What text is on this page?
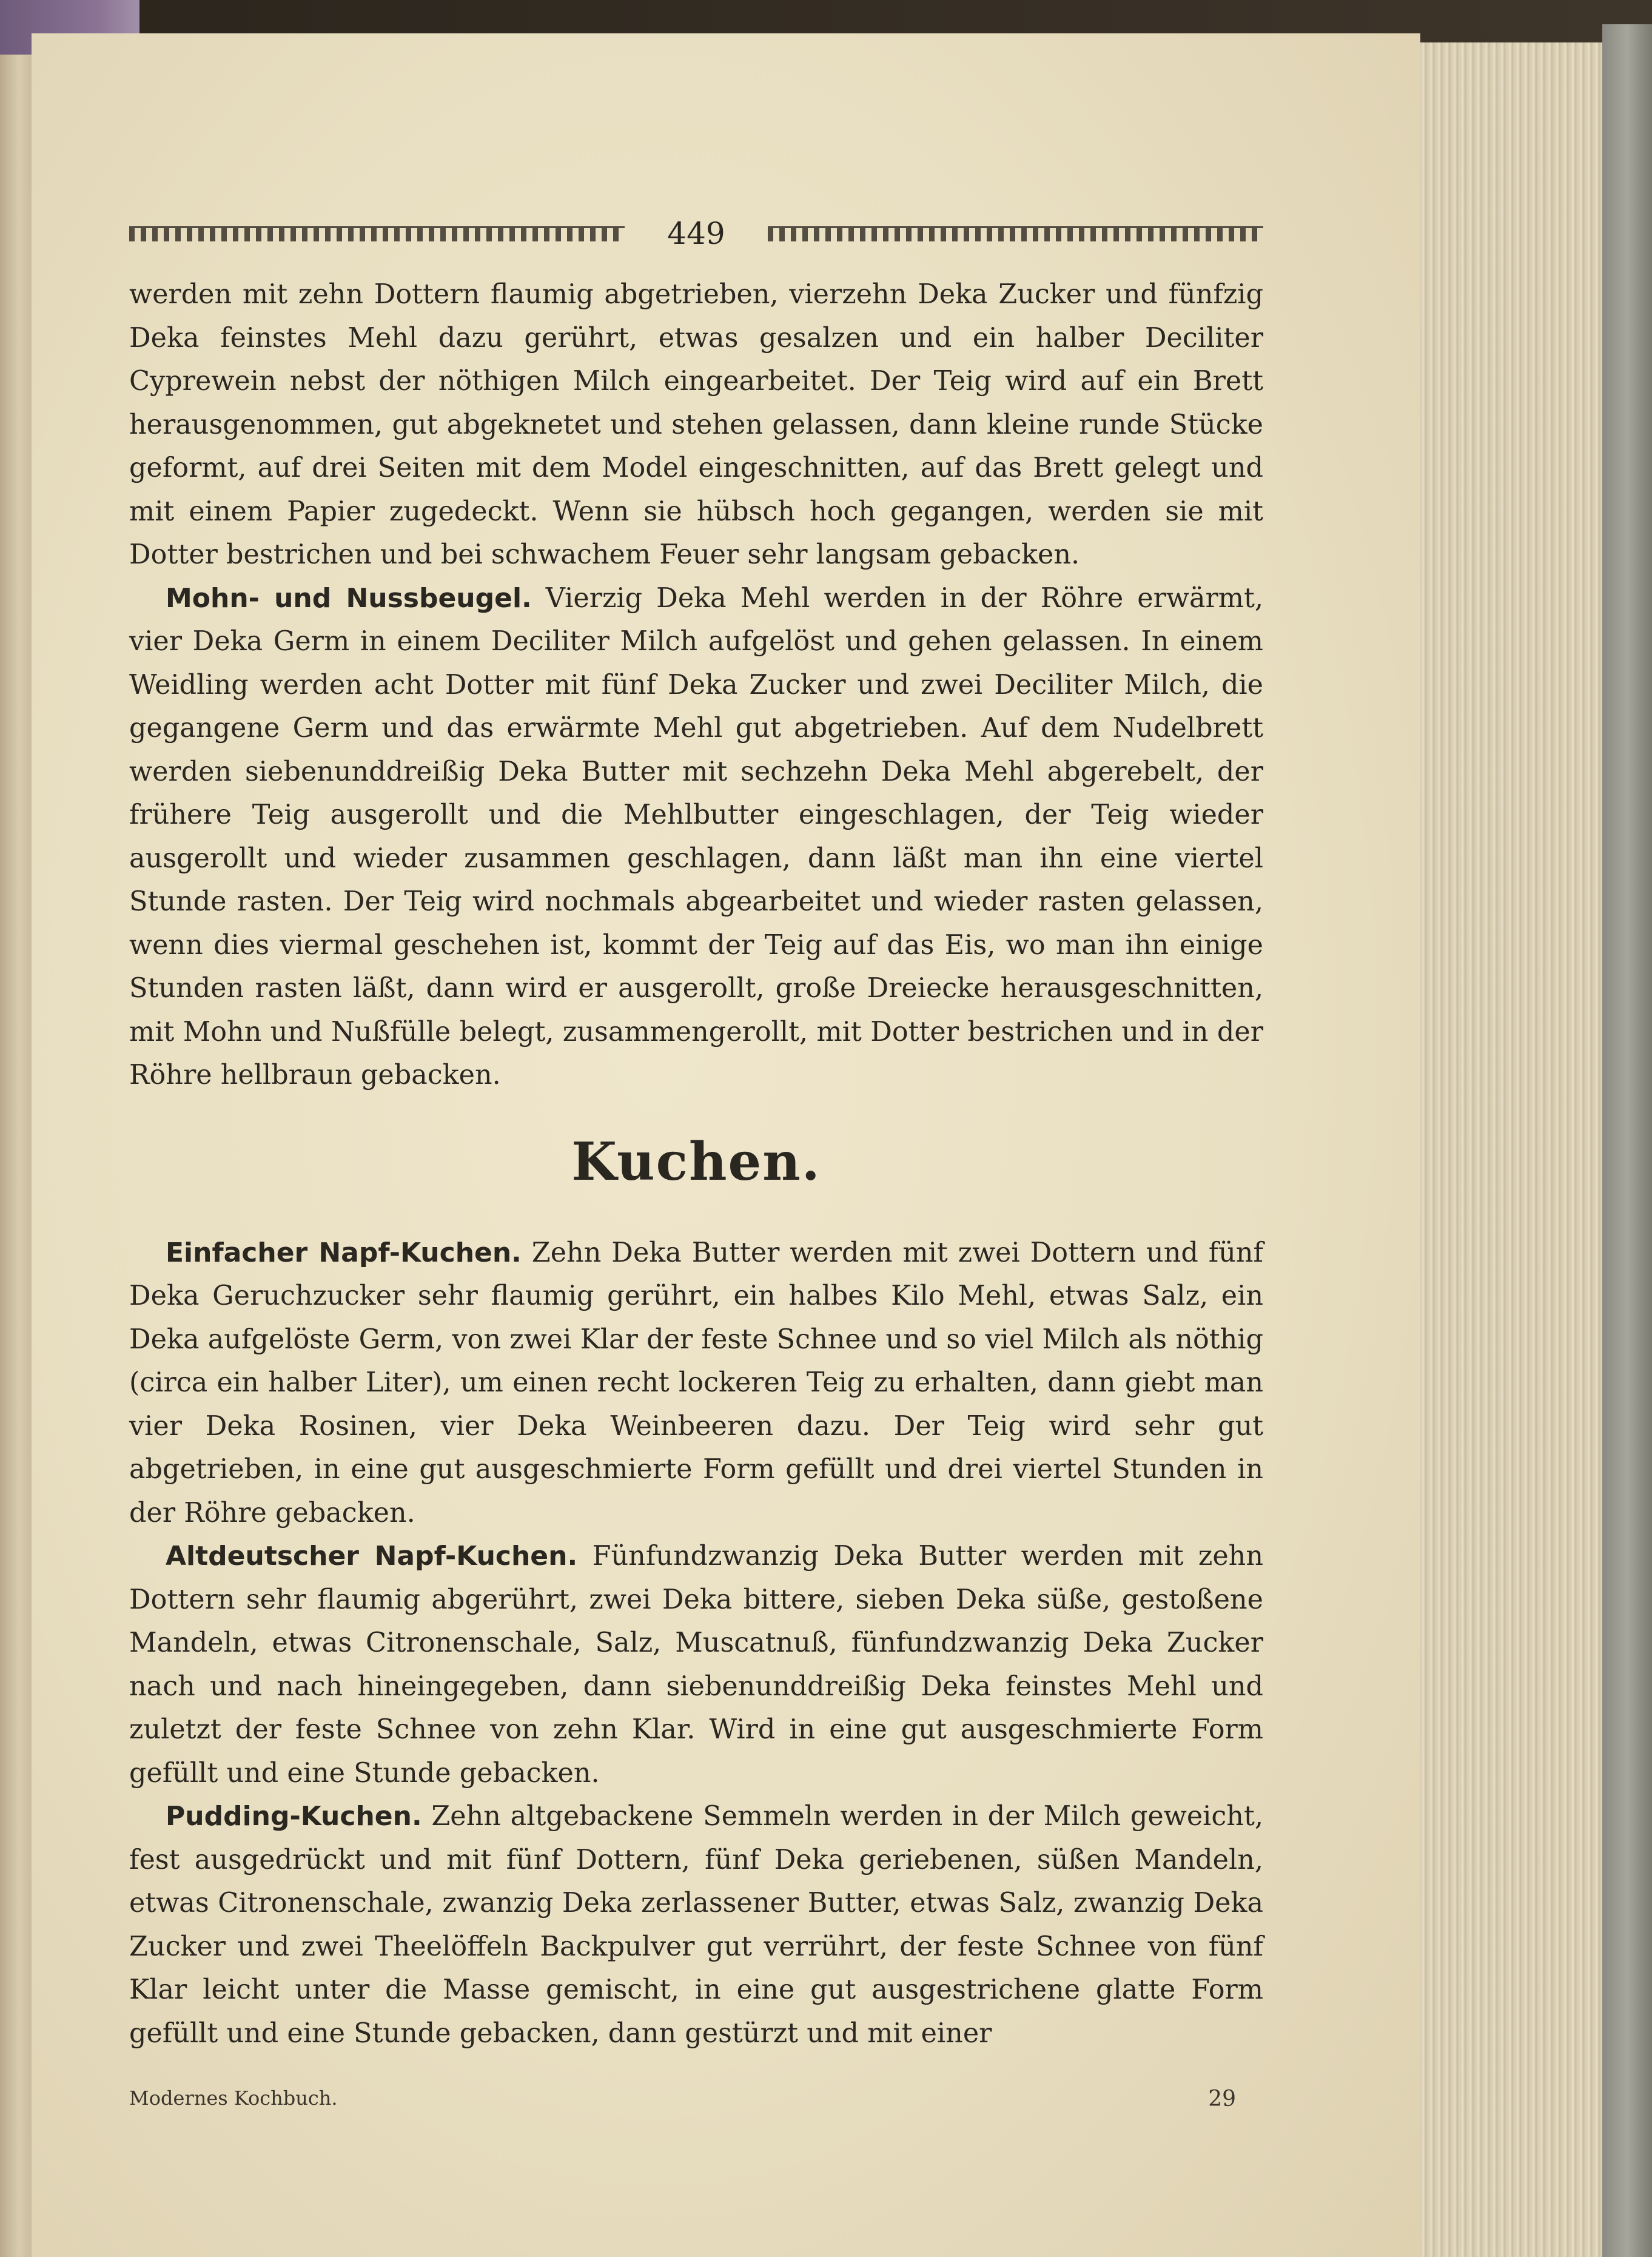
449

werden mit zehn Dottern flaumig abgetrieben, vierzehn Deka Zucker und fünfzig Deka feinstes Mehl dazu gerührt, etwas gesalzen und ein halber Deciliter Cyprewein nebst der nöthigen Milch eingearbeitet. Der Teig wird auf ein Brett herausgenommen, gut abgeknetet und stehen gelassen, dann kleine runde Stücke geformt, auf drei Seiten mit dem Model eingeschnitten, auf das Brett gelegt und mit einem Papier zugedeckt. Wenn sie hübsch hoch gegangen, werden sie mit Dotter bestrichen und bei schwachem Feuer sehr langsam gebacken.

Mohn- und Nussbeugel. Vierzig Deka Mehl werden in der Röhre erwärmt, vier Deka Germ in einem Deciliter Milch aufgelöst und gehen gelassen. In einem Weidling werden acht Dotter mit fünf Deka Zucker und zwei Deciliter Milch, die gegangene Germ und das erwärmte Mehl gut abgetrieben. Auf dem Nudelbrett werden siebenunddreißig Deka Butter mit sechzehn Deka Mehl abgerebelt, der frühere Teig ausgerollt und die Mehlbutter eingeschlagen, der Teig wieder ausgerollt und wieder zusammen geschlagen, dann läßt man ihn eine viertel Stunde rasten. Der Teig wird nochmals abgearbeitet und wieder rasten gelassen, wenn dies viermal geschehen ist, kommt der Teig auf das Eis, wo man ihn einige Stunden rasten läßt, dann wird er ausgerollt, große Dreiecke herausgeschnitten, mit Mohn und Nußfülle belegt, zusammengerollt, mit Dotter bestrichen und in der Röhre hellbraun gebacken.

Kuchen.

Einfacher Napf-Kuchen. Zehn Deka Butter werden mit zwei Dottern und fünf Deka Geruchzucker sehr flaumig gerührt, ein halbes Kilo Mehl, etwas Salz, ein Deka aufgelöste Germ, von zwei Klar der feste Schnee und so viel Milch als nöthig (circa ein halber Liter), um einen recht lockeren Teig zu erhalten, dann giebt man vier Deka Rosinen, vier Deka Weinbeeren dazu. Der Teig wird sehr gut abgetrieben, in eine gut ausgeschmierte Form gefüllt und drei viertel Stunden in der Röhre gebacken.

Altdeutscher Napf-Kuchen. Fünfundzwanzig Deka Butter werden mit zehn Dottern sehr flaumig abgerührt, zwei Deka bittere, sieben Deka süße, gestoßene Mandeln, etwas Citronenschale, Salz, Muscatnuß, fünfundzwanzig Deka Zucker nach und nach hineingegeben, dann siebenunddreißig Deka feinstes Mehl und zuletzt der feste Schnee von zehn Klar. Wird in eine gut ausgeschmierte Form gefüllt und eine Stunde gebacken.

Pudding-Kuchen. Zehn altgebackene Semmeln werden in der Milch geweicht, fest ausgedrückt und mit fünf Dottern, fünf Deka geriebenen, süßen Mandeln, etwas Citronenschale, zwanzig Deka zerlassener Butter, etwas Salz, zwanzig Deka Zucker und zwei Theelöffeln Backpulver gut verrührt, der feste Schnee von fünf Klar leicht unter die Masse gemischt, in eine gut ausgestrichene glatte Form gefüllt und eine Stunde gebacken, dann gestürzt und mit einer

Modernes Kochbuch.	29
